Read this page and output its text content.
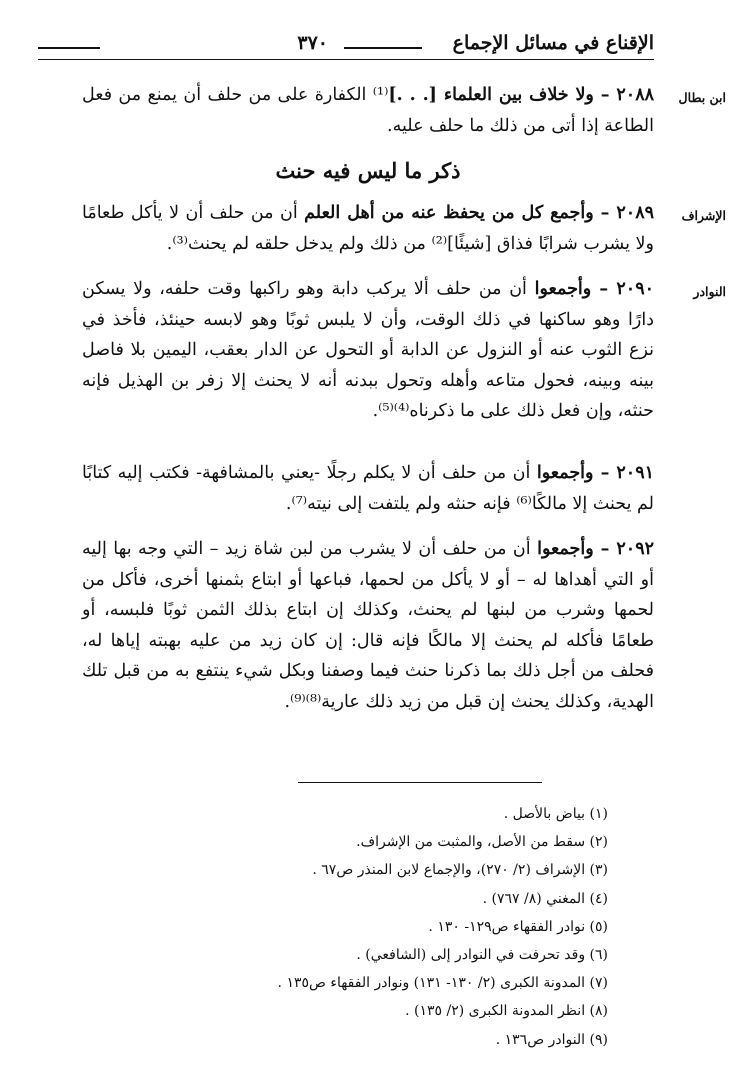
الإقناع في مسائل الإجماع
٣٧٠
ابن بطال
٢٠٨٨ – ولا خلاف بين العلماء [. . .]⁽¹⁾ الكفارة على من حلف أن يمنع من فعل الطاعة إذا أتى من ذلك ما حلف عليه.
ذكر ما ليس فيه حنث
الإشراف
٢٠٨٩ – وأجمع كل من يحفظ عنه من أهل العلم أن من حلف أن لا يأكل طعامًا ولا يشرب شرابًا فذاق [شيئًا]⁽²⁾ من ذلك ولم يدخل حلقه لم يحنث⁽³⁾.
النوادر
٢٠٩٠ – وأجمعوا أن من حلف ألا يركب دابة وهو راكبها وقت حلفه، ولا يسكن دارًا وهو ساكنها في ذلك الوقت، وأن لا يلبس ثوبًا وهو لابسه حينئذ، فأخذ في نزع الثوب عنه أو النزول عن الدابة أو التحول عن الدار بعقب، اليمين بلا فاصل بينه وبينه، فحول متاعه وأهله وتحول ببدنه أنه لا يحنث إلا زفر بن الهذيل فإنه حنثه، وإن فعل ذلك على ما ذكرناه⁽⁴⁾⁽⁵⁾.
٢٠٩١ – وأجمعوا أن من حلف أن لا يكلم رجلًا -يعني بالمشافهة- فكتب إليه كتابًا لم يحنث إلا مالكًا⁽⁶⁾ فإنه حنثه ولم يلتفت إلى نيته⁽⁷⁾.
٢٠٩٢ – وأجمعوا أن من حلف أن لا يشرب من لبن شاة زيد – التي وجه بها إليه أو التي أهداها له – أو لا يأكل من لحمها، فباعها أو ابتاع بثمنها أخرى، فأكل من لحمها وشرب من لبنها لم يحنث، وكذلك إن ابتاع بذلك الثمن ثوبًا فلبسه، أو طعامًا فأكله لم يحنث إلا مالكًا فإنه قال: إن كان زيد من عليه بهبته إياها له، فحلف من أجل ذلك بما ذكرنا حنث فيما وصفنا وبكل شيء ينتفع به من قبل تلك الهدية، وكذلك يحنث إن قبل من زيد ذلك عارية⁽⁸⁾⁽⁹⁾.
(١) بياض بالأصل .
(٢) سقط من الأصل، والمثبت من الإشراف.
(٣) الإشراف (٢/ ٢٧٠)، والإجماع لابن المنذر ص٦٧ .
(٤) المغني (٨/ ٧٦٧) .
(٥) نوادر الفقهاء ص١٢٩- ١٣٠ .
(٦) وقد تحرفت في النوادر إلى (الشافعي) .
(٧) المدونة الكبرى (٢/ ١٣٠- ١٣١) ونوادر الفقهاء ص١٣٥ .
(٨) انظر المدونة الكبرى (٢/ ١٣٥) .
(٩) النوادر ص١٣٦ .
